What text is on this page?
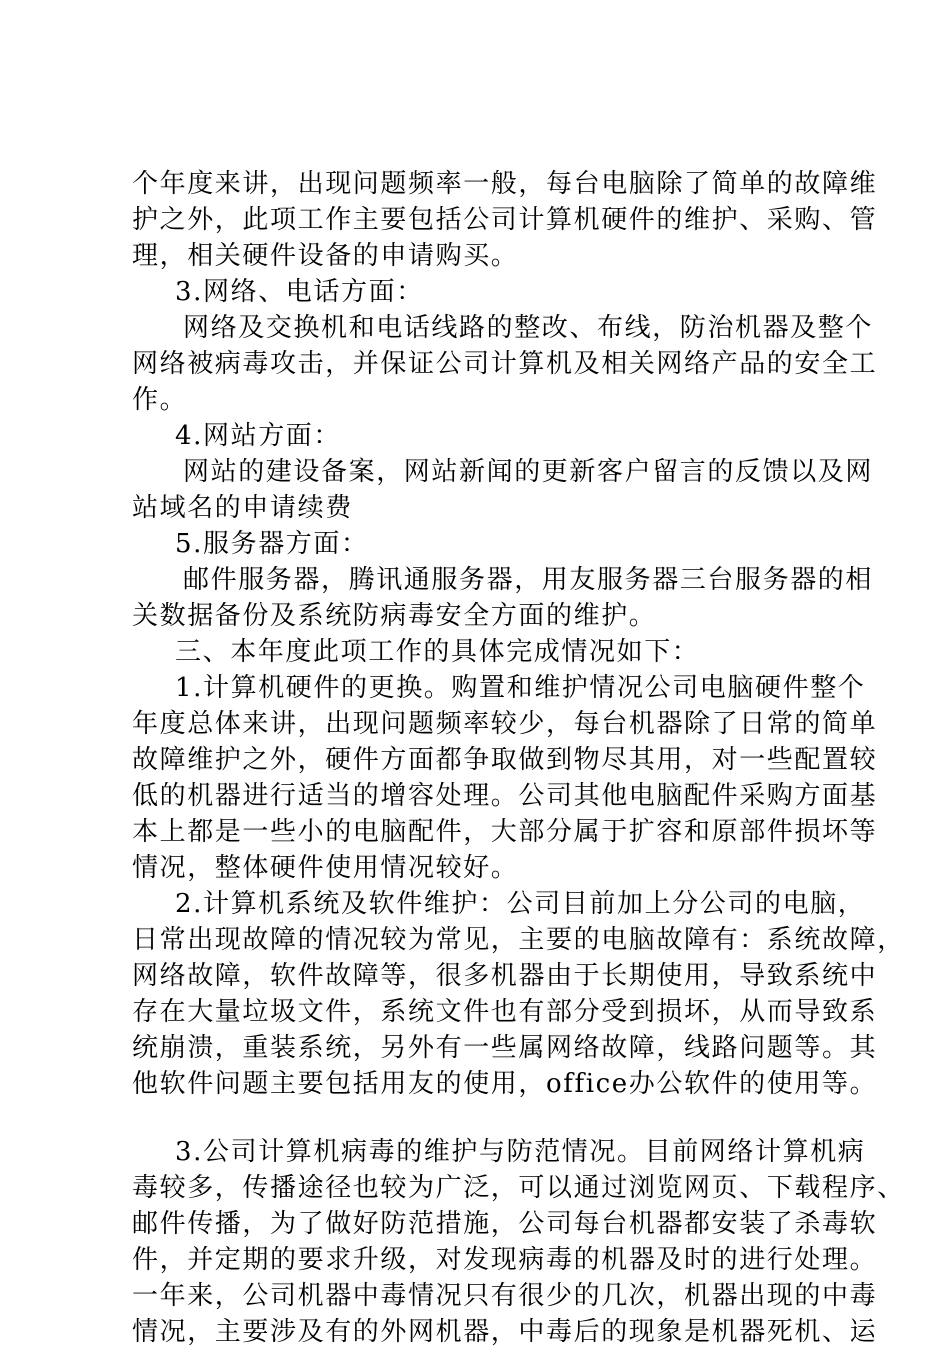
个年度来讲，出现问题频率一般，每台电脑除了简单的故障维
护之外，此项工作主要包括公司计算机硬件的维护、采购、管
理，相关硬件设备的申请购买。
3.网络、电话方面：
网络及交换机和电话线路的整改、布线，防治机器及整个
网络被病毒攻击，并保证公司计算机及相关网络产品的安全工
作。
4.网站方面：
网站的建设备案，网站新闻的更新客户留言的反馈以及网
站域名的申请续费
5.服务器方面：
邮件服务器，腾讯通服务器，用友服务器三台服务器的相
关数据备份及系统防病毒安全方面的维护。
三、本年度此项工作的具体完成情况如下：
1.计算机硬件的更换。购置和维护情况公司电脑硬件整个
年度总体来讲，出现问题频率较少，每台机器除了日常的简单
故障维护之外，硬件方面都争取做到物尽其用，对一些配置较
低的机器进行适当的增容处理。公司其他电脑配件采购方面基
本上都是一些小的电脑配件，大部分属于扩容和原部件损坏等
情况，整体硬件使用情况较好。
2.计算机系统及软件维护：公司目前加上分公司的电脑，
日常出现故障的情况较为常见，主要的电脑故障有：系统故障，
网络故障，软件故障等，很多机器由于长期使用，导致系统中
存在大量垃圾文件，系统文件也有部分受到损坏，从而导致系
统崩溃，重装系统，另外有一些属网络故障，线路问题等。其
他软件问题主要包括用友的使用，office办公软件的使用等。
3.公司计算机病毒的维护与防范情况。目前网络计算机病
毒较多，传播途径也较为广泛，可以通过浏览网页、下载程序、
邮件传播，为了做好防范措施，公司每台机器都安装了杀毒软
件，并定期的要求升级，对发现病毒的机器及时的进行处理。
一年来，公司机器中毒情况只有很少的几次，机器出现的中毒
情况，主要涉及有的外网机器，中毒后的现象是机器死机、运
